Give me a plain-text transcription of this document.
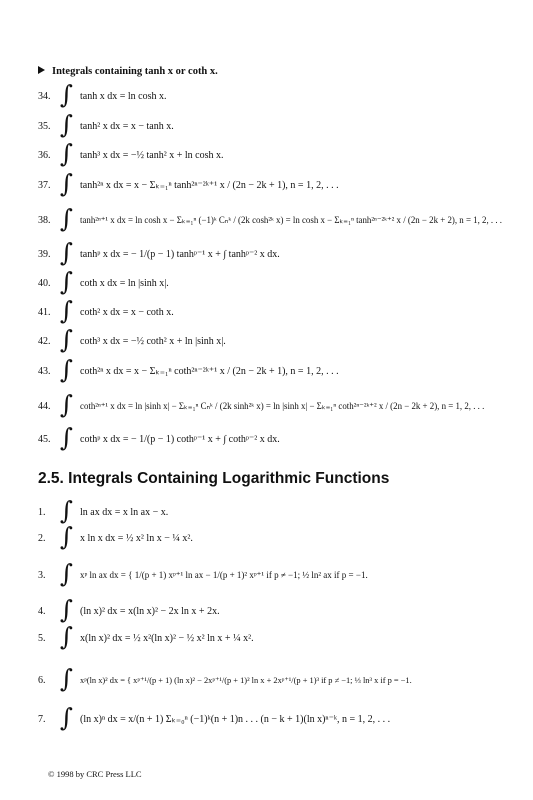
Integrals containing tanh x or coth x.
34. ∫ tanh x dx = ln cosh x.
35. ∫ tanh² x dx = x − tanh x.
36. ∫ tanh³ x dx = −½ tanh² x + ln cosh x.
37. ∫ tanh²ⁿ x dx = x − Σₖ₌₁ⁿ tanh²ⁿ⁻²ᵏ⁺¹ x / (2n − 2k + 1), n = 1, 2, . . .
38. ∫ tanh²ⁿ⁺¹ x dx = ln cosh x − Σₖ₌₁ⁿ (−1)ᵏ Cₙᵏ / (2k cosh²ᵏ x) = ln cosh x − Σₖ₌₁ⁿ tanh²ⁿ⁻²ᵏ⁺² x / (2n − 2k + 2), n = 1, 2, . . .
39. ∫ tanhᵖ x dx = − 1/(p − 1) tanhᵖ⁻¹ x + ∫ tanhᵖ⁻² x dx.
40. ∫ coth x dx = ln |sinh x|.
41. ∫ coth² x dx = x − coth x.
42. ∫ coth³ x dx = −½ coth² x + ln |sinh x|.
43. ∫ coth²ⁿ x dx = x − Σₖ₌₁ⁿ coth²ⁿ⁻²ᵏ⁺¹ x / (2n − 2k + 1), n = 1, 2, . . .
44. ∫ coth²ⁿ⁺¹ x dx = ln |sinh x| − Σₖ₌₁ⁿ Cₙᵏ / (2k sinh²ᵏ x) = ln |sinh x| − Σₖ₌₁ⁿ coth²ⁿ⁻²ᵏ⁺² x / (2n − 2k + 2), n = 1, 2, . . .
45. ∫ cothᵖ x dx = − 1/(p − 1) cothᵖ⁻¹ x + ∫ cothᵖ⁻² x dx.
2.5. Integrals Containing Logarithmic Functions
1. ∫ ln ax dx = x ln ax − x.
2. ∫ x ln x dx = ½ x² ln x − ¼ x².
3. ∫ xᵖ ln ax dx = { 1/(p + 1) xᵖ⁺¹ ln ax − 1/(p + 1)² xᵖ⁺¹ if p ≠ −1; ½ ln² ax if p = −1.
4. ∫ (ln x)² dx = x(ln x)² − 2x ln x + 2x.
5. ∫ x(ln x)² dx = ½ x²(ln x)² − ½ x² ln x + ¼ x².
6. ∫ xᵖ(ln x)² dx = { xᵖ⁺¹/(p + 1) (ln x)² − 2xᵖ⁺¹/(p + 1)² ln x + 2xᵖ⁺¹/(p + 1)³ if p ≠ −1; ⅓ ln³ x if p = −1.
7. ∫ (ln x)ⁿ dx = x/(n + 1) Σₖ₌₀ⁿ (−1)ᵏ(n + 1)n . . . (n − k + 1)(ln x)ⁿ⁻ᵏ, n = 1, 2, . . .
© 1998 by CRC Press LLC
